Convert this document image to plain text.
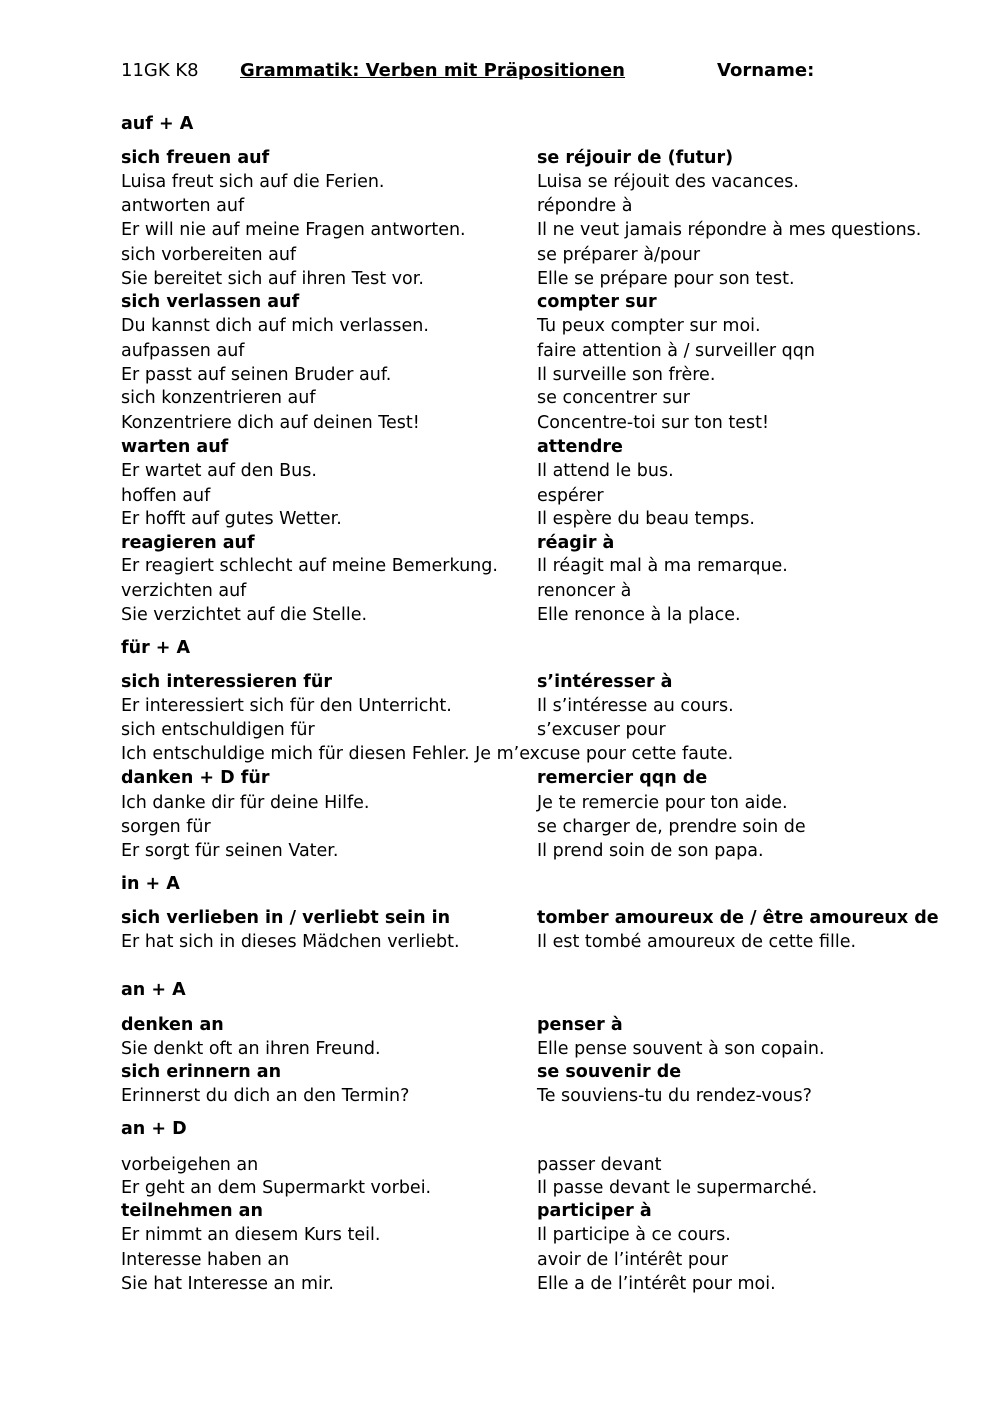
11GK K8 Grammatik: Verben mit Präpositionen	Vorname:
auf + A
sich freuen auf	se réjouir de (futur)
Luisa freut sich auf die Ferien.	Luisa se réjouit des vacances.
antworten auf	répondre à
Er will nie auf meine Fragen antworten.	Il ne veut jamais répondre à mes questions.
sich vorbereiten auf	se préparer à/pour
Sie bereitet sich auf ihren Test vor.	Elle se prépare pour son test.
sich verlassen auf	compter sur
Du kannst dich auf mich verlassen.	Tu peux compter sur moi.
aufpassen auf	faire attention à / surveiller qqn
Er passt auf seinen Bruder auf.	Il surveille son frère.
sich konzentrieren auf	se concentrer sur
Konzentriere dich auf deinen Test!	Concentre-toi sur ton test!
warten auf	attendre
Er wartet auf den Bus.	Il attend le bus.
hoffen auf	espérer
Er hofft auf gutes Wetter.	Il espère du beau temps.
reagieren auf	réagir à
Er reagiert schlecht auf meine Bemerkung. Il réagit mal à ma remarque.
verzichten auf	renoncer à
Sie verzichtet auf die Stelle.	Elle renonce à la place.
für + A
sich interessieren für	s’intéresser à
Er interessiert sich für den Unterricht.	Il s’intéresse au cours.
sich entschuldigen für	s’excuser pour
Ich entschuldige mich für diesen Fehler. Je m’excuse pour cette faute.
danken + D für	remercier qqn de
Ich danke dir für deine Hilfe.	Je te remercie pour ton aide.
sorgen für	se charger de, prendre soin de
Er sorgt für seinen Vater.	Il prend soin de son papa.
in + A
sich verlieben in / verliebt sein in	tomber amoureux de / être amoureux de
Er hat sich in dieses Mädchen verliebt.	Il est tombé amoureux de cette fille.
an + A
denken an	penser à
Sie denkt oft an ihren Freund.	Elle pense souvent à son copain.
sich erinnern an	se souvenir de
Erinnerst du dich an den Termin?	Te souviens-tu du rendez-vous?
an + D
vorbeigehen an	passer devant
Er geht an dem Supermarkt vorbei.	Il passe devant le supermarché.
teilnehmen an	participer à
Er nimmt an diesem Kurs teil.	Il participe à ce cours.
Interesse haben an	avoir de l’intérêt pour
Sie hat Interesse an mir.	Elle a de l’intérêt pour moi.
